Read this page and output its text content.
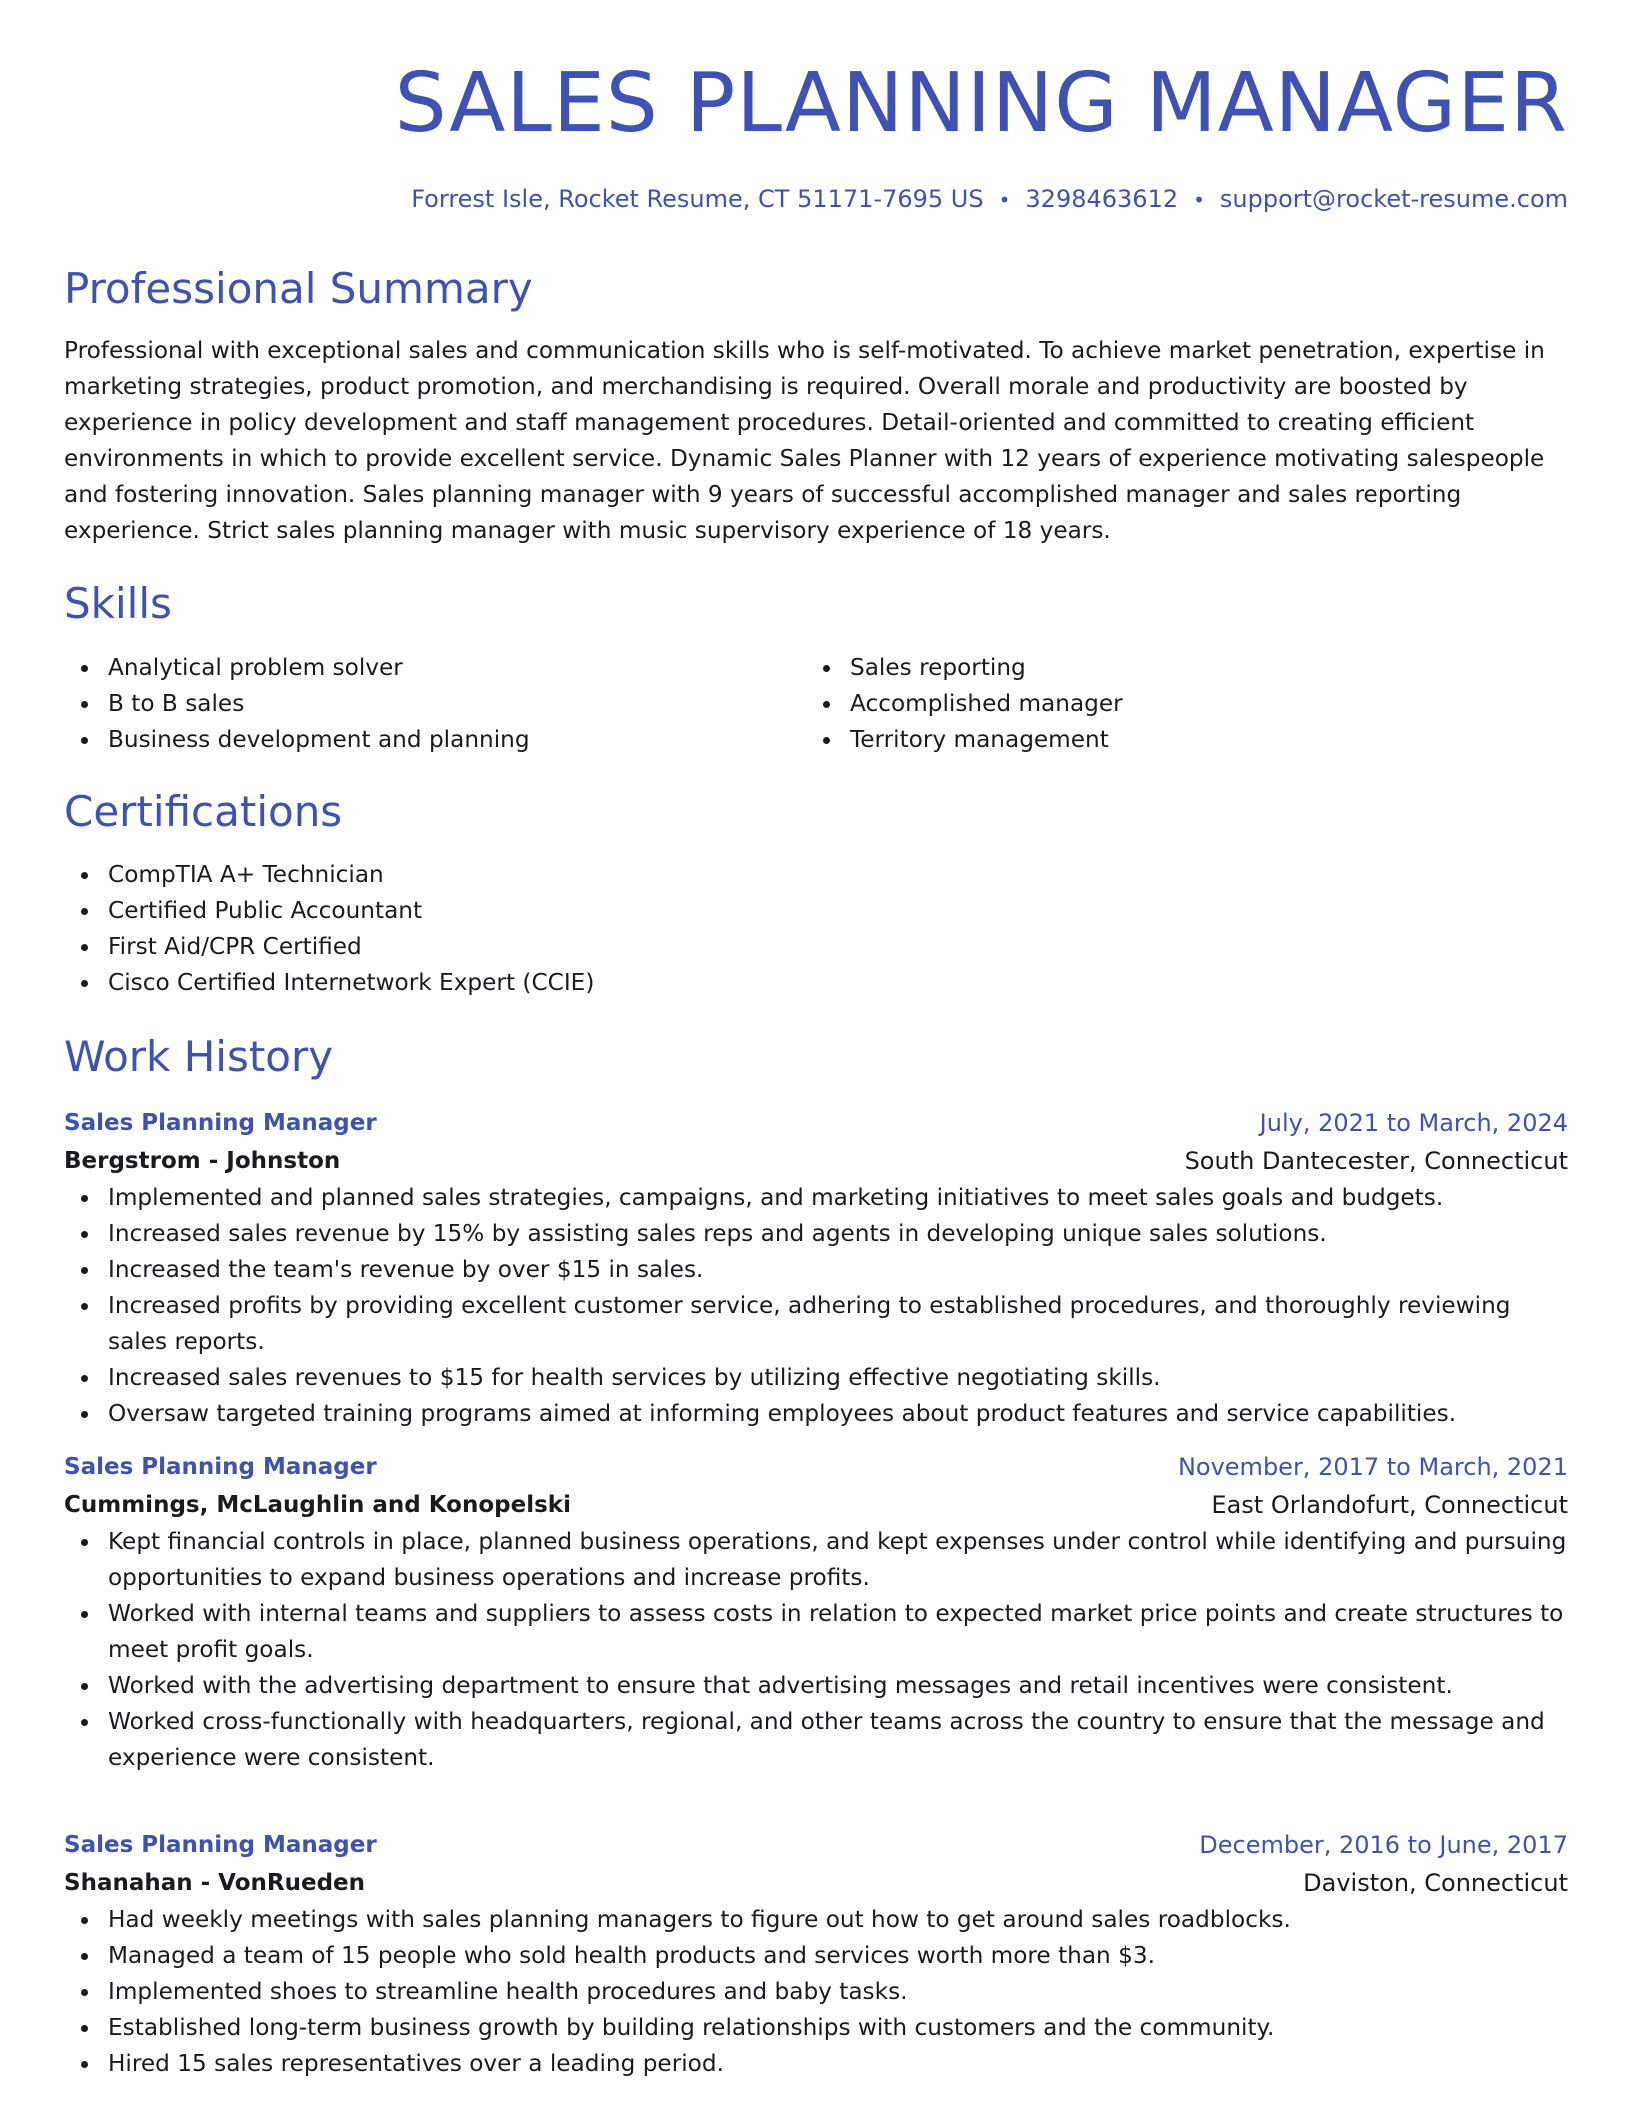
SALES PLANNING MANAGER
Forrest Isle, Rocket Resume, CT 51171-7695 US • 3298463612 • support@rocket-resume.com
Professional Summary

Professional with exceptional sales and communication skills who is self-motivated. To achieve market penetration, expertise in marketing strategies, product promotion, and merchandising is required. Overall morale and productivity are boosted by experience in policy development and staff management procedures. Detail-oriented and committed to creating efficient environments in which to provide excellent service. Dynamic Sales Planner with 12 years of experience motivating salespeople and fostering innovation. Sales planning manager with 9 years of successful accomplished manager and sales reporting experience. Strict sales planning manager with music supervisory experience of 18 years.

Skills
Analytical problem solver
B to B sales
Business development and planning
Sales reporting
Accomplished manager
Territory management
Certifications
CompTIA A+ Technician
Certified Public Accountant
First Aid/CPR Certified
Cisco Certified Internetwork Expert (CCIE)
Work History
Sales Planning Manager	July, 2021 to March, 2024
Bergstrom - Johnston	South Dantecester, Connecticut
Implemented and planned sales strategies, campaigns, and marketing initiatives to meet sales goals and budgets.
Increased sales revenue by 15% by assisting sales reps and agents in developing unique sales solutions.
Increased the team's revenue by over $15 in sales.
Increased profits by providing excellent customer service, adhering to established procedures, and thoroughly reviewing sales reports.
Increased sales revenues to $15 for health services by utilizing effective negotiating skills.
Oversaw targeted training programs aimed at informing employees about product features and service capabilities.
Sales Planning Manager	November, 2017 to March, 2021
Cummings, McLaughlin and Konopelski	East Orlandofurt, Connecticut
Kept financial controls in place, planned business operations, and kept expenses under control while identifying and pursuing opportunities to expand business operations and increase profits.
Worked with internal teams and suppliers to assess costs in relation to expected market price points and create structures to meet profit goals.
Worked with the advertising department to ensure that advertising messages and retail incentives were consistent.
Worked cross-functionally with headquarters, regional, and other teams across the country to ensure that the message and experience were consistent.
Sales Planning Manager	December, 2016 to June, 2017
Shanahan - VonRueden	Daviston, Connecticut
Had weekly meetings with sales planning managers to figure out how to get around sales roadblocks.
Managed a team of 15 people who sold health products and services worth more than $3.
Implemented shoes to streamline health procedures and baby tasks.
Established long-term business growth by building relationships with customers and the community.
Hired 15 sales representatives over a leading period.
